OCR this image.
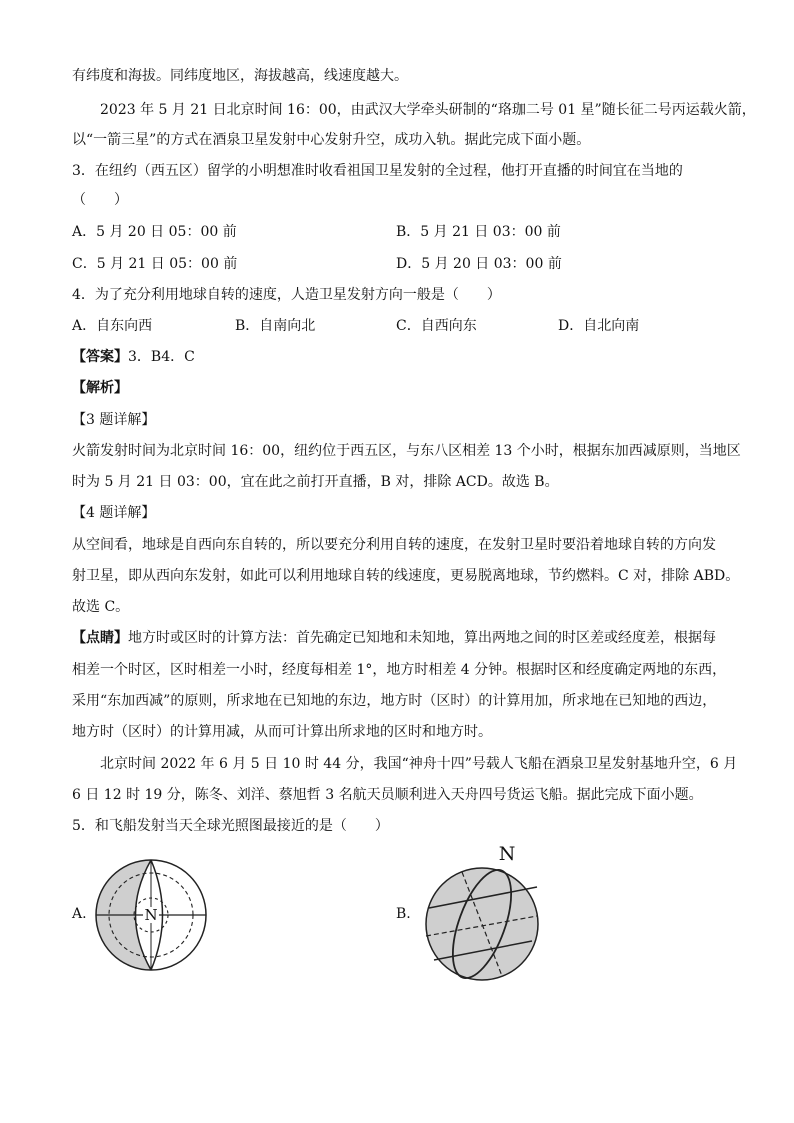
有纬度和海拔。同纬度地区，海拔越高，线速度越大。
2023 年 5 月 21 日北京时间 16：00，由武汉大学牵头研制的“珞珈二号 01 星”随长征二号丙运载火箭，
以“一箭三星”的方式在酒泉卫星发射中心发射升空，成功入轨。据此完成下面小题。
3．在纽约（西五区）留学的小明想准时收看祖国卫星发射的全过程，他打开直播的时间宜在当地的
（　　）
A．5 月 20 日 05：00 前	B．5 月 21 日 03：00 前
C．5 月 21 日 05：00 前	D．5 月 20 日 03：00 前
4．为了充分利用地球自转的速度，人造卫星发射方向一般是（　　）
A．自东向西	B．自南向北	C．自西向东	D．自北向南
【答案】3．B4．C
【解析】
【3 题详解】
火箭发射时间为北京时间 16：00，纽约位于西五区，与东八区相差 13 个小时，根据东加西减原则，当地区
时为 5 月 21 日 03：00，宜在此之前打开直播，B 对，排除 ACD。故选 B。
【4 题详解】
从空间看，地球是自西向东自转的，所以要充分利用自转的速度，在发射卫星时要沿着地球自转的方向发
射卫星，即从西向东发射，如此可以利用地球自转的线速度，更易脱离地球，节约燃料。C 对，排除 ABD。
故选 C。
【点睛】地方时或区时的计算方法：首先确定已知地和未知地，算出两地之间的时区差或经度差，根据每
相差一个时区，区时相差一小时，经度每相差 1°，地方时相差 4 分钟。根据时区和经度确定两地的东西，
采用“东加西减”的原则，所求地在已知地的东边，地方时（区时）的计算用加，所求地在已知地的西边，
地方时（区时）的计算用减，从而可计算出所求地的区时和地方时。
北京时间 2022 年 6 月 5 日 10 时 44 分，我国“神舟十四”号载人飞船在酒泉卫星发射基地升空，6 月
6 日 12 时 19 分，陈冬、刘洋、蔡旭哲 3 名航天员顺利进入天舟四号货运飞船。据此完成下面小题。
5．和飞船发射当天全球光照图最接近的是（　　）
A.	N	B.
N
